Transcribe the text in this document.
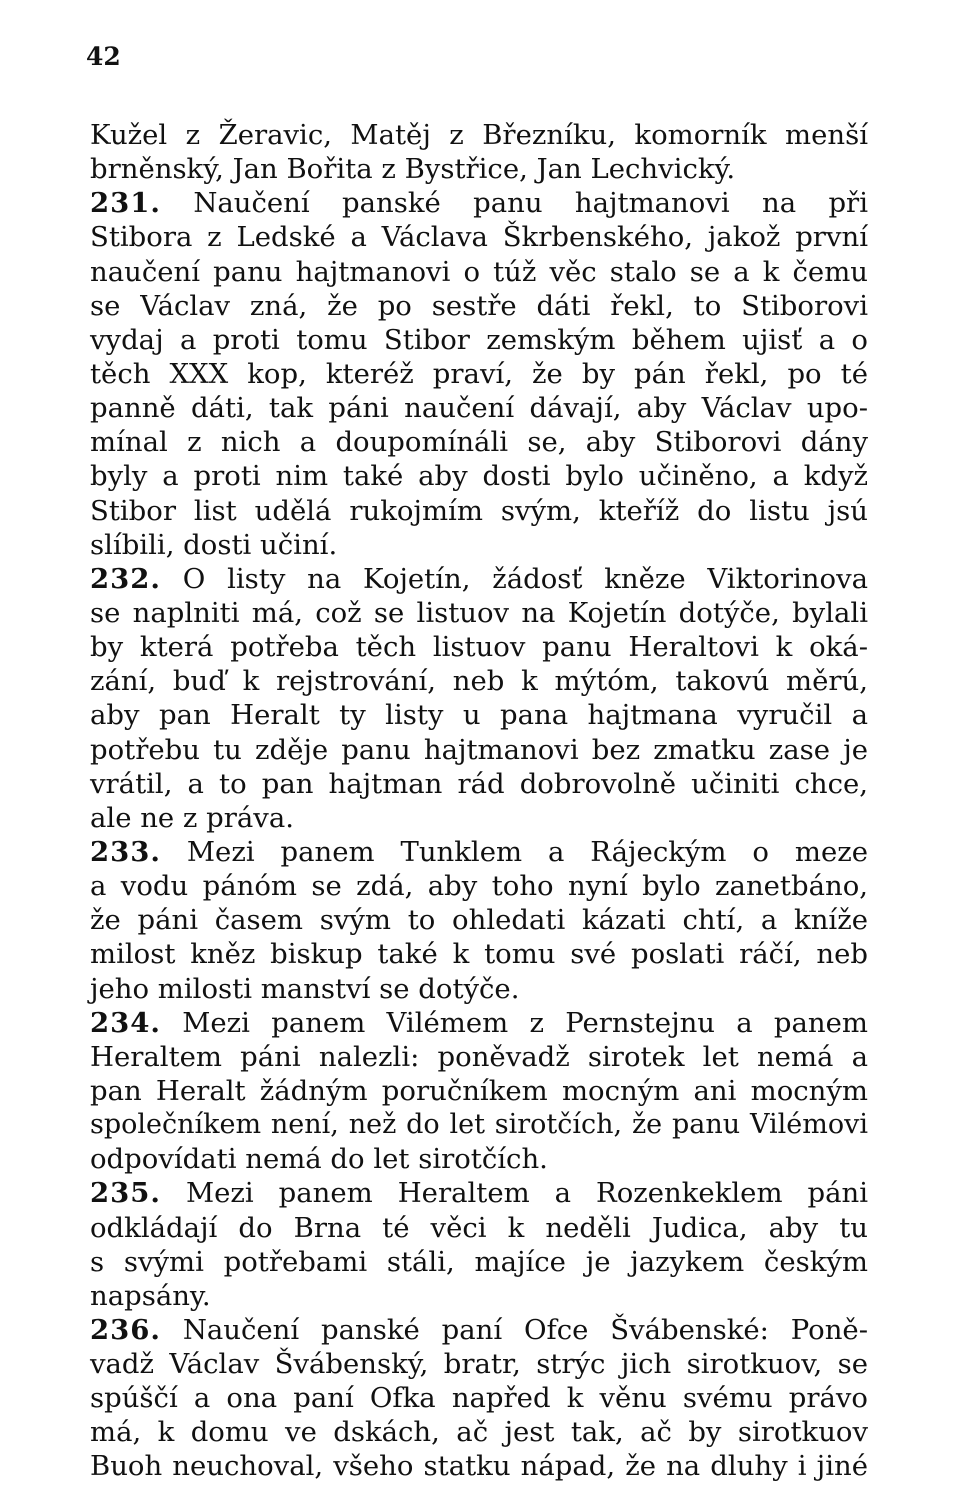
42
Kužel z Žeravic, Matěj z Březníku, komorník menší
brněnský, Jan Bořita z Bystřice, Jan Lechvický.
231. Naučení panské panu hajtmanovi na při
Stibora z Ledské a Václava Škrbenského, jakož první
naučení panu hajtmanovi o túž věc stalo se a k čemu
se Václav zná, že po sestře dáti řekl, to Stiborovi
vydaj a proti tomu Stibor zemským během ujisť a o
těch XXX kop, kteréž praví, že by pán řekl, po té
panně dáti, tak páni naučení dávají, aby Václav upo-
mínal z nich a doupomínáli se, aby Stiborovi dány
byly a proti nim také aby dosti bylo učiněno, a když
Stibor list udělá rukojmím svým, kteříž do listu jsú
slíbili, dosti učiní.
232. O listy na Kojetín, žádosť kněze Viktorinova
se naplniti má, což se listuov na Kojetín dotýče, bylali
by která potřeba těch listuov panu Heraltovi k oká-
zání, buď k rejstrování, neb k mýtóm, takovú měrú,
aby pan Heralt ty listy u pana hajtmana vyručil a
potřebu tu zděje panu hajtmanovi bez zmatku zase je
vrátil, a to pan hajtman rád dobrovolně učiniti chce,
ale ne z práva.
233. Mezi panem Tunklem a Rájeckým o meze
a vodu pánóm se zdá, aby toho nyní bylo zanetbáno,
že páni časem svým to ohledati kázati chtí, a kníže
milost kněz biskup také k tomu své poslati ráčí, neb
jeho milosti manství se dotýče.
234. Mezi panem Vilémem z Pernstejnu a panem
Heraltem páni nalezli: poněvadž sirotek let nemá a
pan Heralt žádným poručníkem mocným ani mocným
společníkem není, než do let sirotčích, že panu Vilémovi
odpovídati nemá do let sirotčích.
235. Mezi panem Heraltem a Rozenkeklem páni
odkládají do Brna té věci k neděli Judica, aby tu
s svými potřebami stáli, majíce je jazykem českým
napsány.
236. Naučení panské paní Ofce Švábenské: Poně-
vadž Václav Švábenský, bratr, strýc jich sirotkuov, se
spúščí a ona paní Ofka napřed k věnu svému právo
má, k domu ve dskách, ač jest tak, ač by sirotkuov
Buoh neuchoval, všeho statku nápad, že na dluhy i jiné
